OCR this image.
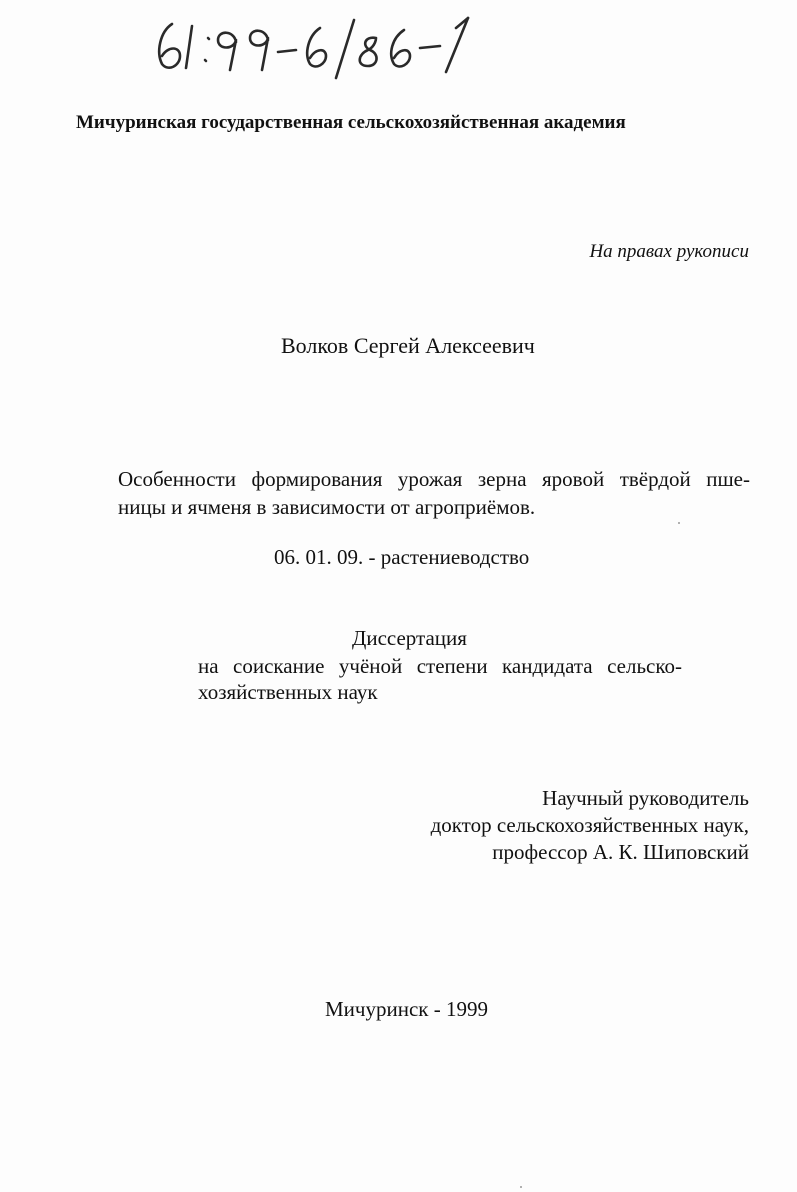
Мичуринская государственная сельскохозяйственная академия
На правах рукописи
Волков Сергей Алексеевич
Особенности формирования урожая зерна яровой твёрдой пше-
ницы и ячменя в зависимости от агроприёмов.
06. 01. 09. - растениеводство
Диссертация
на соискание учёной степени кандидата сельско-
хозяйственных наук
Научный руководитель
доктор сельскохозяйственных наук,
профессор А. К. Шиповский
Мичуринск - 1999
